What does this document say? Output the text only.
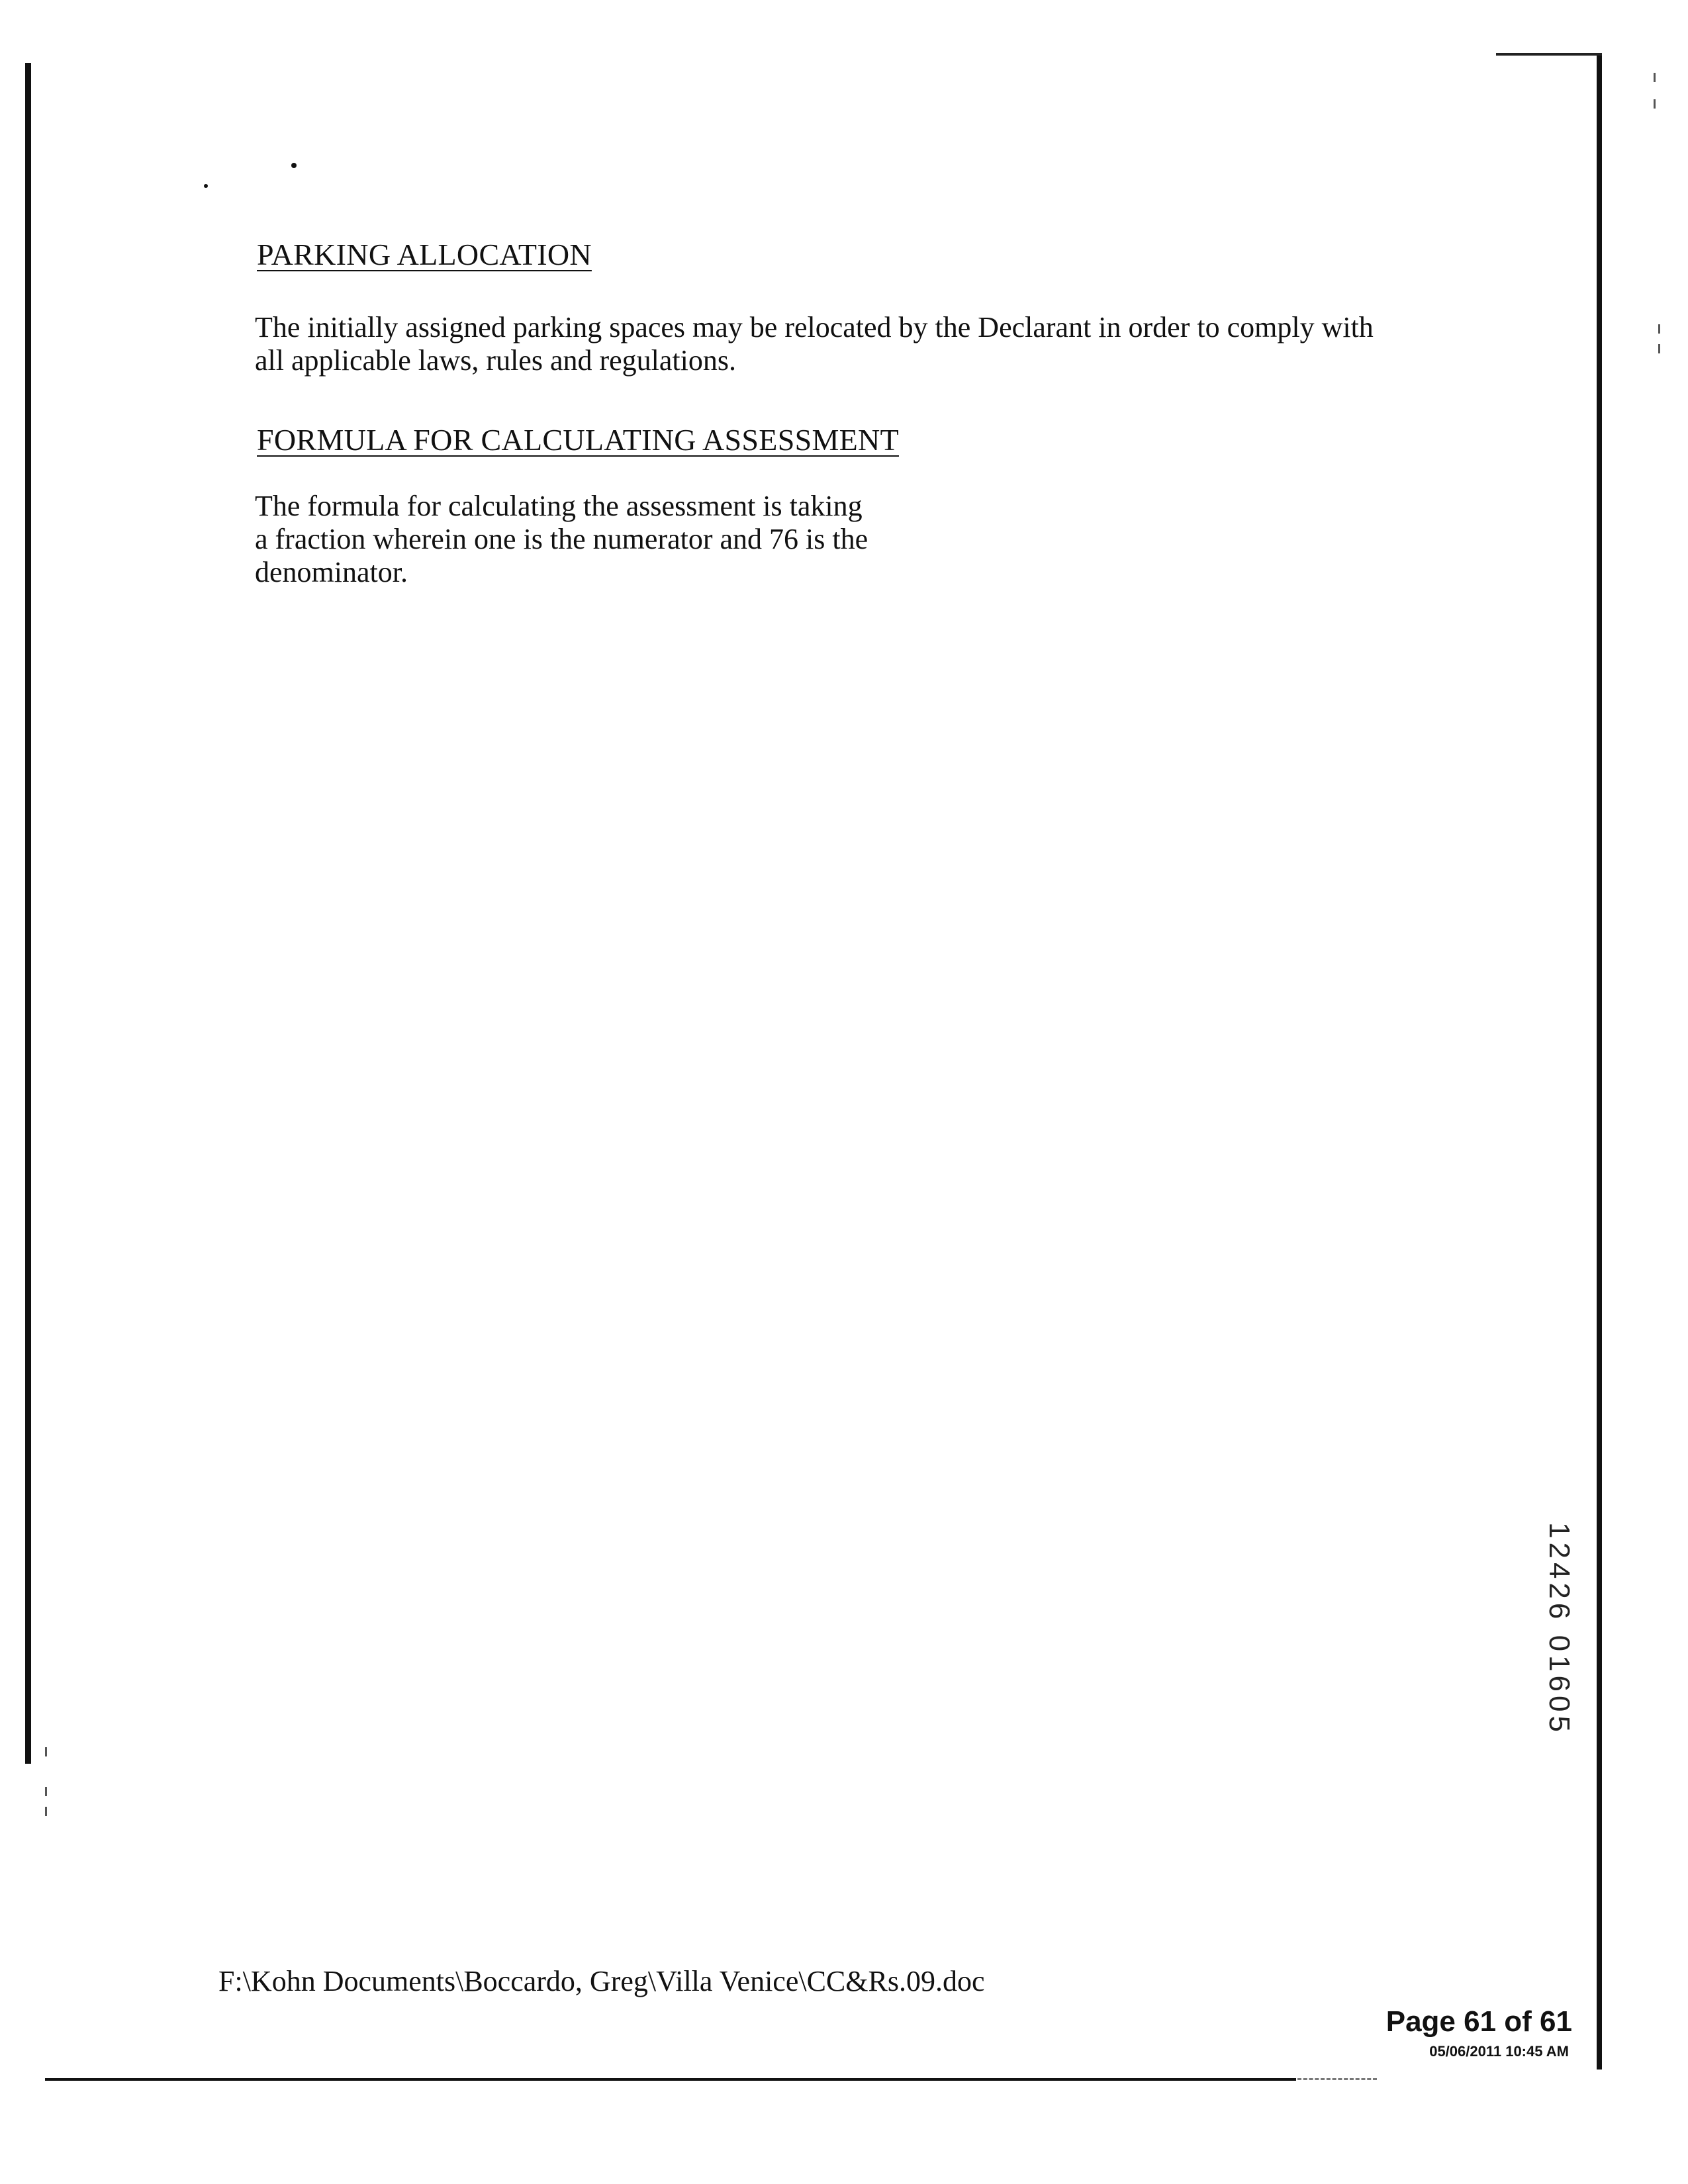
PARKING ALLOCATION
The initially assigned parking spaces may be relocated by the Declarant in order to comply with
all applicable laws, rules and regulations.
FORMULA FOR CALCULATING ASSESSMENT
The formula for calculating the assessment is taking
a fraction wherein one is the numerator and 76 is the
denominator.
12426 01605
F:\Kohn Documents\Boccardo, Greg\Villa Venice\CC&Rs.09.doc
Page 61 of 61
05/06/2011 10:45 AM
